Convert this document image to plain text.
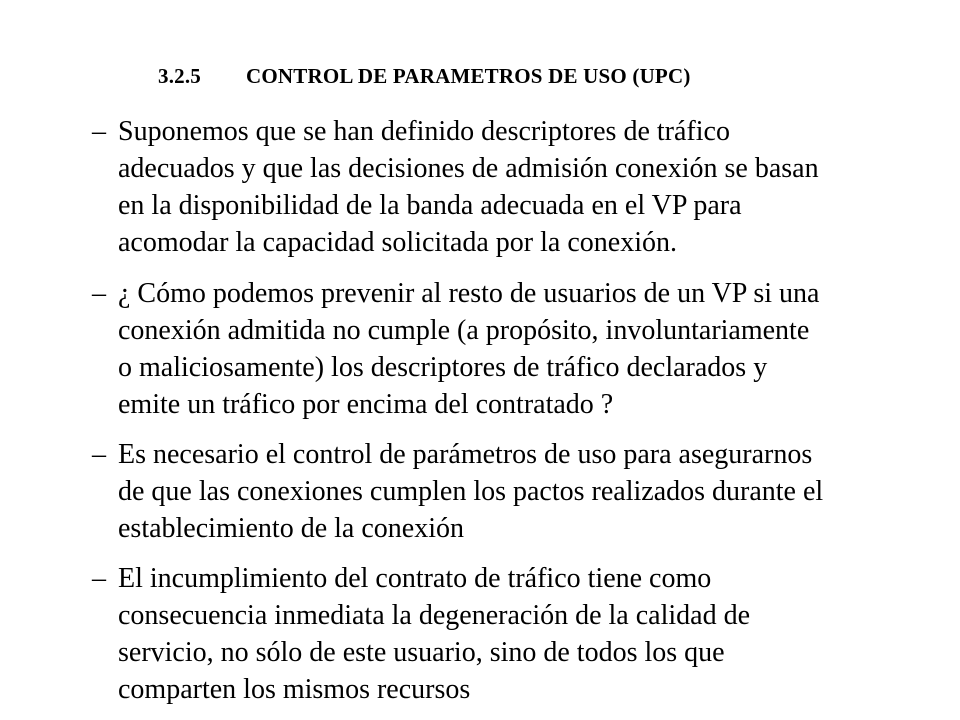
3.2.5 CONTROL DE PARAMETROS DE USO (UPC)
– Suponemos que se han definido descriptores de tráfico
adecuados y que las decisiones de admisión conexión se basan
en la disponibilidad de la banda adecuada en el VP para
acomodar la capacidad solicitada por la conexión.
– ¿ Cómo podemos prevenir al resto de usuarios de un VP si una
conexión admitida no cumple (a propósito, involuntariamente
o maliciosamente) los descriptores de tráfico declarados y
emite un tráfico por encima del contratado ?
– Es necesario el control de parámetros de uso para asegurarnos
de que las conexiones cumplen los pactos realizados durante el
establecimiento de la conexión
– El incumplimiento del contrato de tráfico tiene como
consecuencia inmediata la degeneración de la calidad de
servicio, no sólo de este usuario, sino de todos los que
comparten los mismos recursos
